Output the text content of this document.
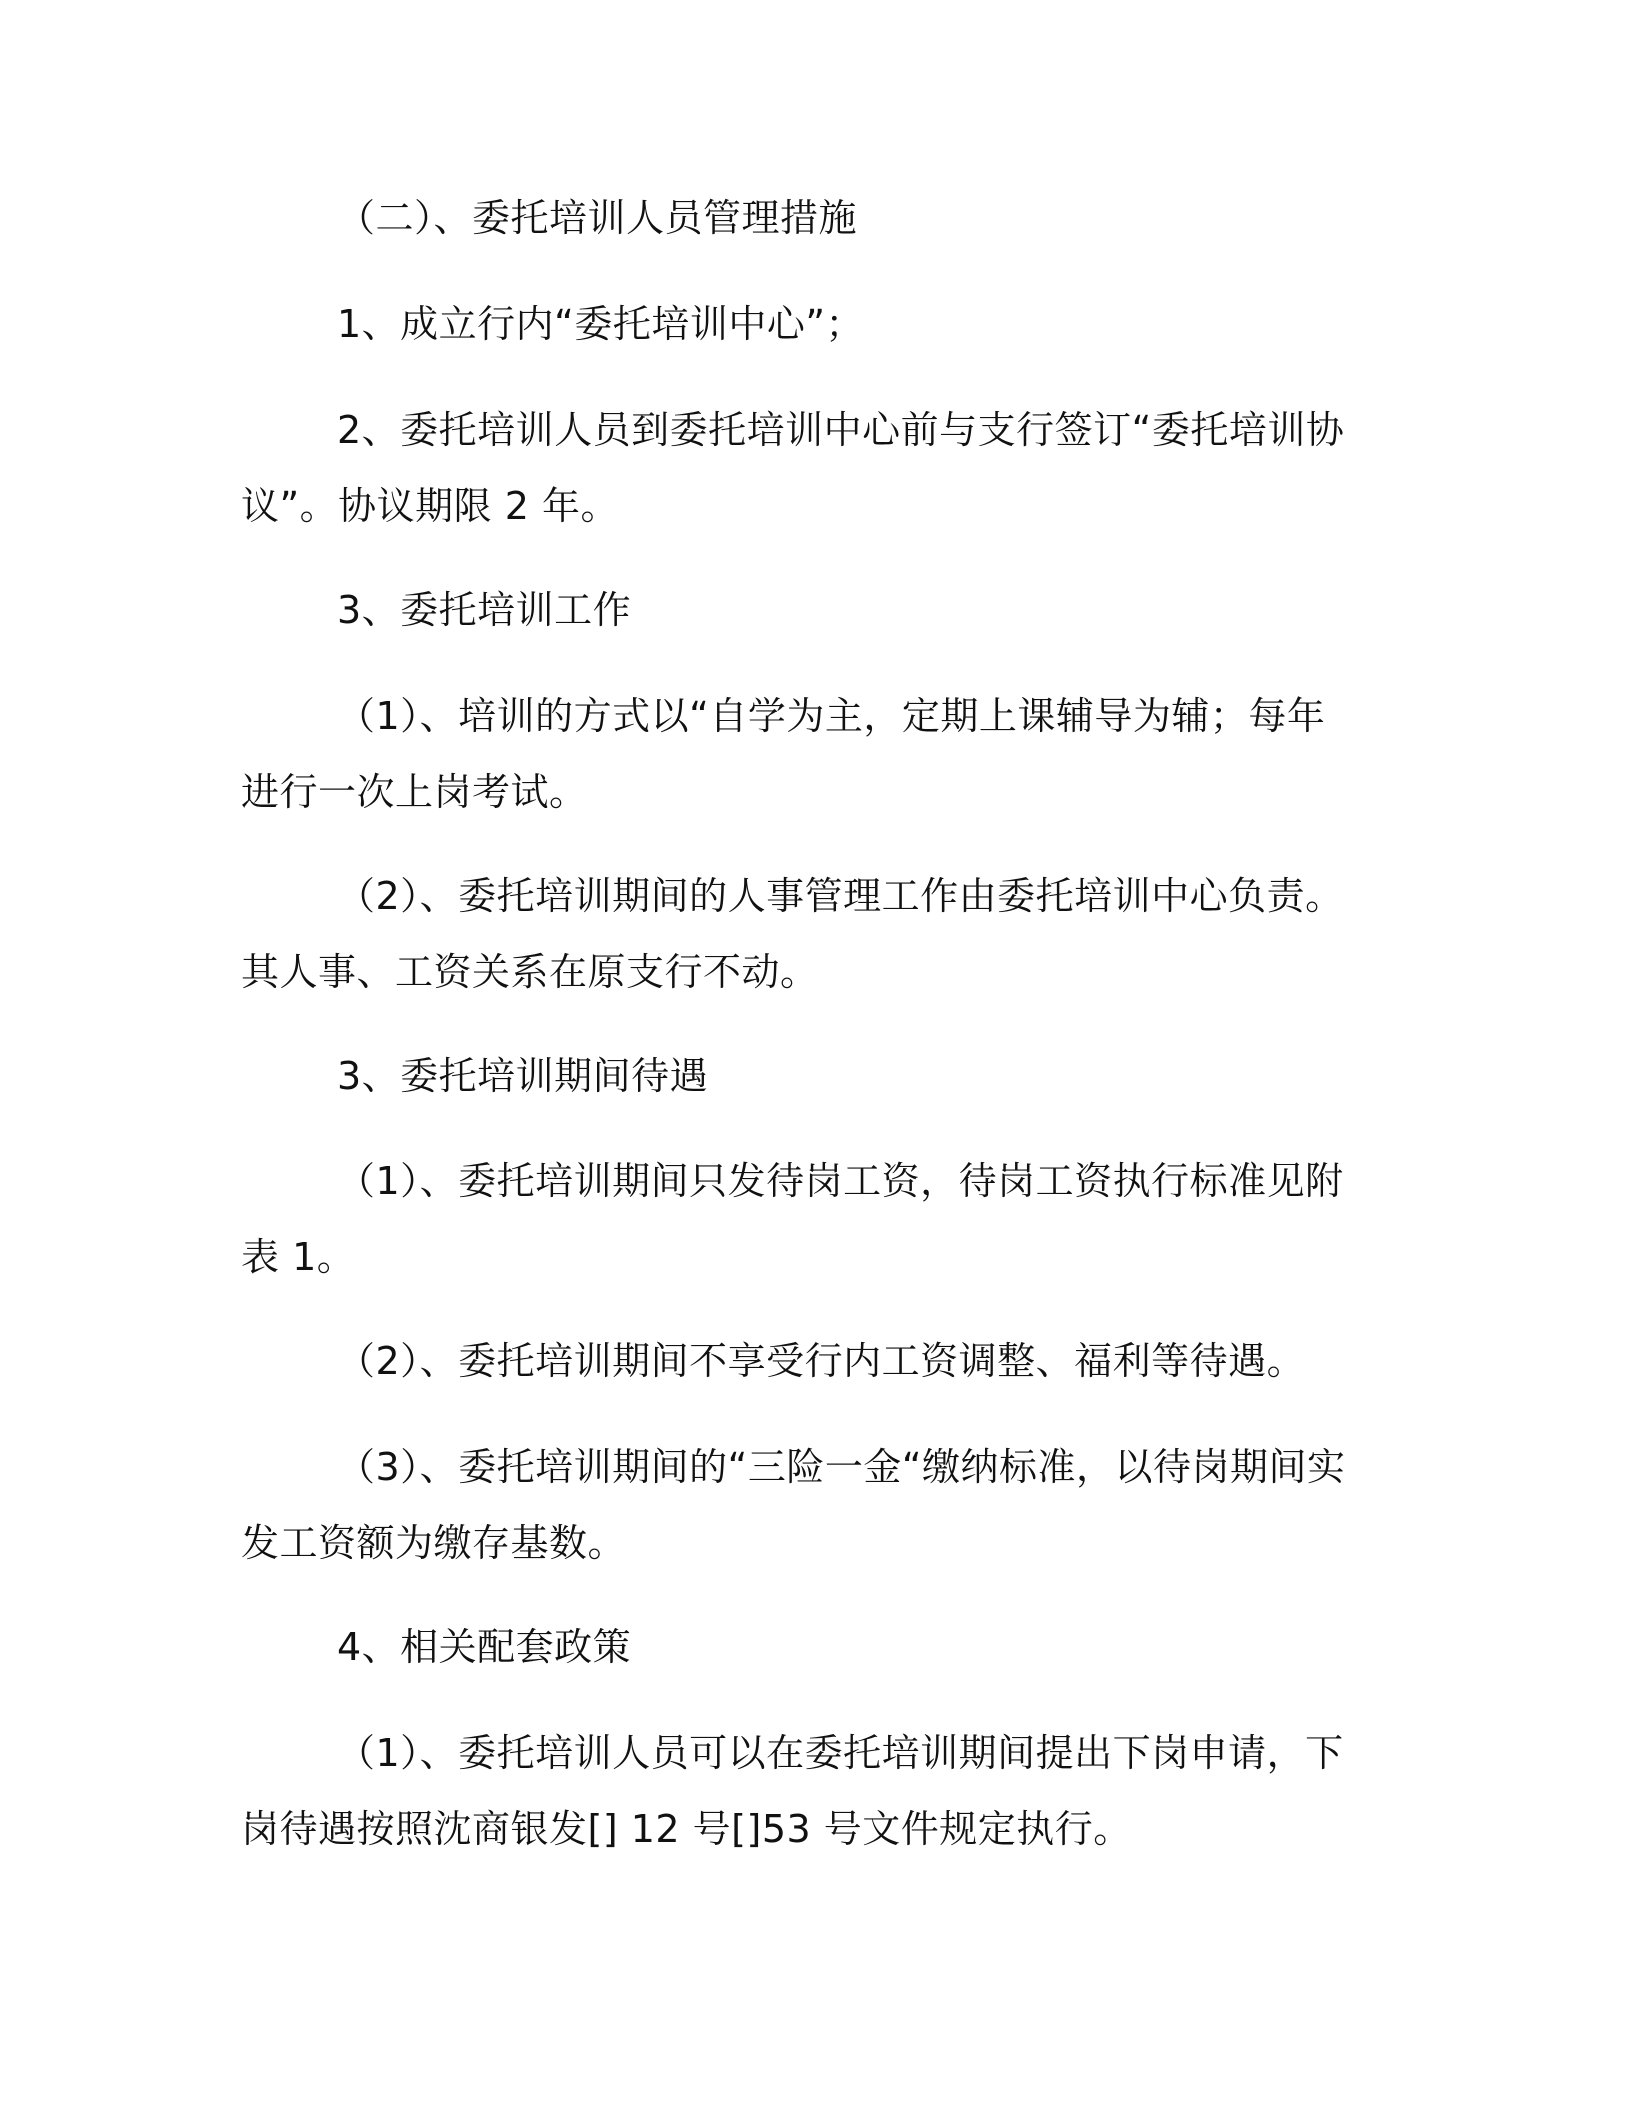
（二）、委托培训人员管理措施

1、成立行内“委托培训中心”；

2、委托培训人员到委托培训中心前与支行签订“委托培训协议”。协议期限 2 年。

3、委托培训工作

（1）、培训的方式以“自学为主，定期上课辅导为辅；每年进行一次上岗考试。

（2）、委托培训期间的人事管理工作由委托培训中心负责。其人事、工资关系在原支行不动。

3、委托培训期间待遇

（1）、委托培训期间只发待岗工资，待岗工资执行标准见附表 1。

（2）、委托培训期间不享受行内工资调整、福利等待遇。

（3）、委托培训期间的“三险一金“缴纳标准，以待岗期间实发工资额为缴存基数。

4、相关配套政策

（1）、委托培训人员可以在委托培训期间提出下岗申请，下岗待遇按照沈商银发[] 12 号[]53 号文件规定执行。
